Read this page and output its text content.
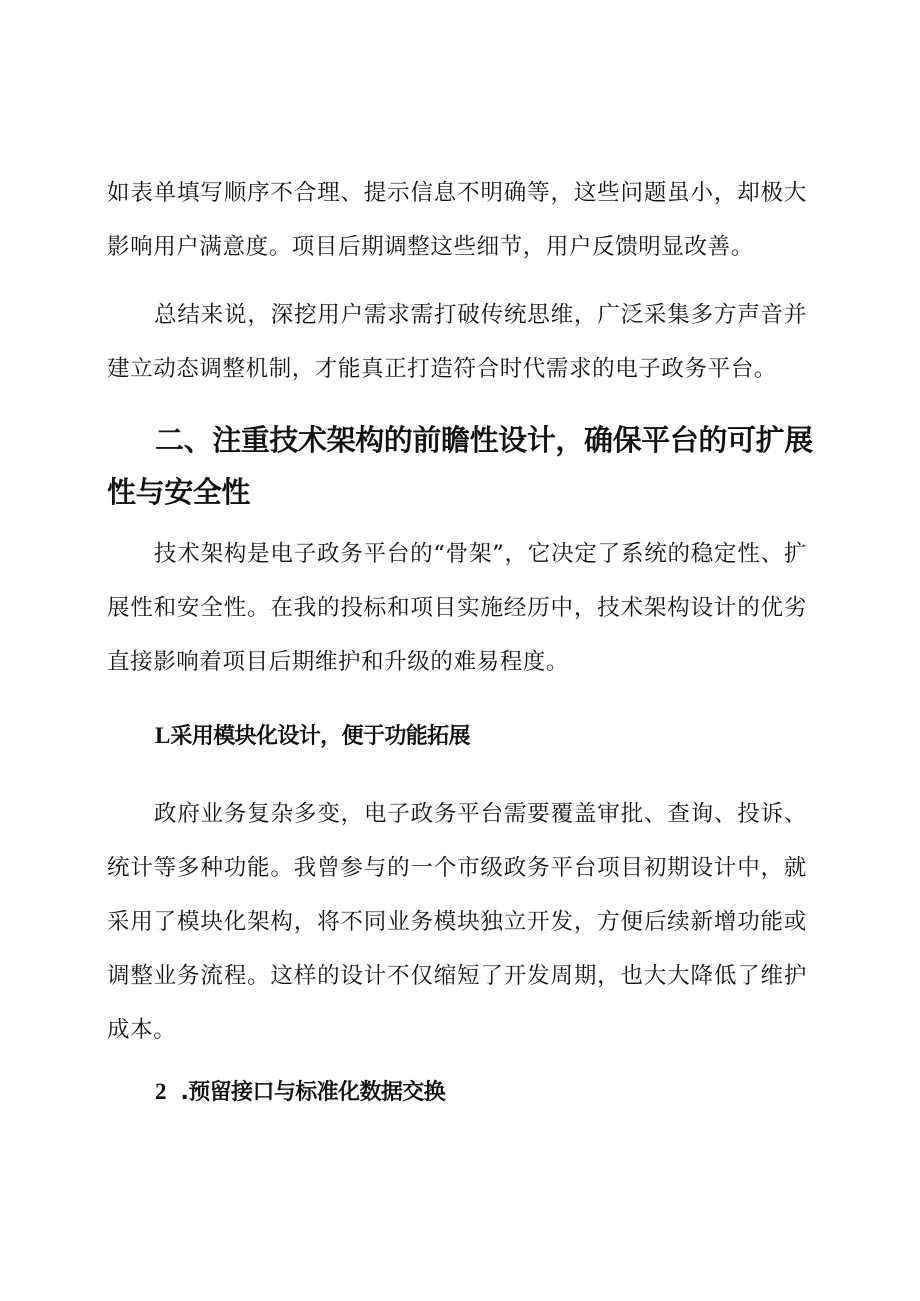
如表单填写顺序不合理、提示信息不明确等，这些问题虽小，却极大影响用户满意度。项目后期调整这些细节，用户反馈明显改善。

总结来说，深挖用户需求需打破传统思维，广泛采集多方声音并建立动态调整机制，才能真正打造符合时代需求的电子政务平台。

二、注重技术架构的前瞻性设计，确保平台的可扩展性与安全性

技术架构是电子政务平台的“骨架”，它决定了系统的稳定性、扩展性和安全性。在我的投标和项目实施经历中，技术架构设计的优劣直接影响着项目后期维护和升级的难易程度。

L采用模块化设计，便于功能拓展

政府业务复杂多变，电子政务平台需要覆盖审批、查询、投诉、统计等多种功能。我曾参与的一个市级政务平台项目初期设计中，就采用了模块化架构，将不同业务模块独立开发，方便后续新增功能或调整业务流程。这样的设计不仅缩短了开发周期，也大大降低了维护成本。

2 .预留接口与标准化数据交换
